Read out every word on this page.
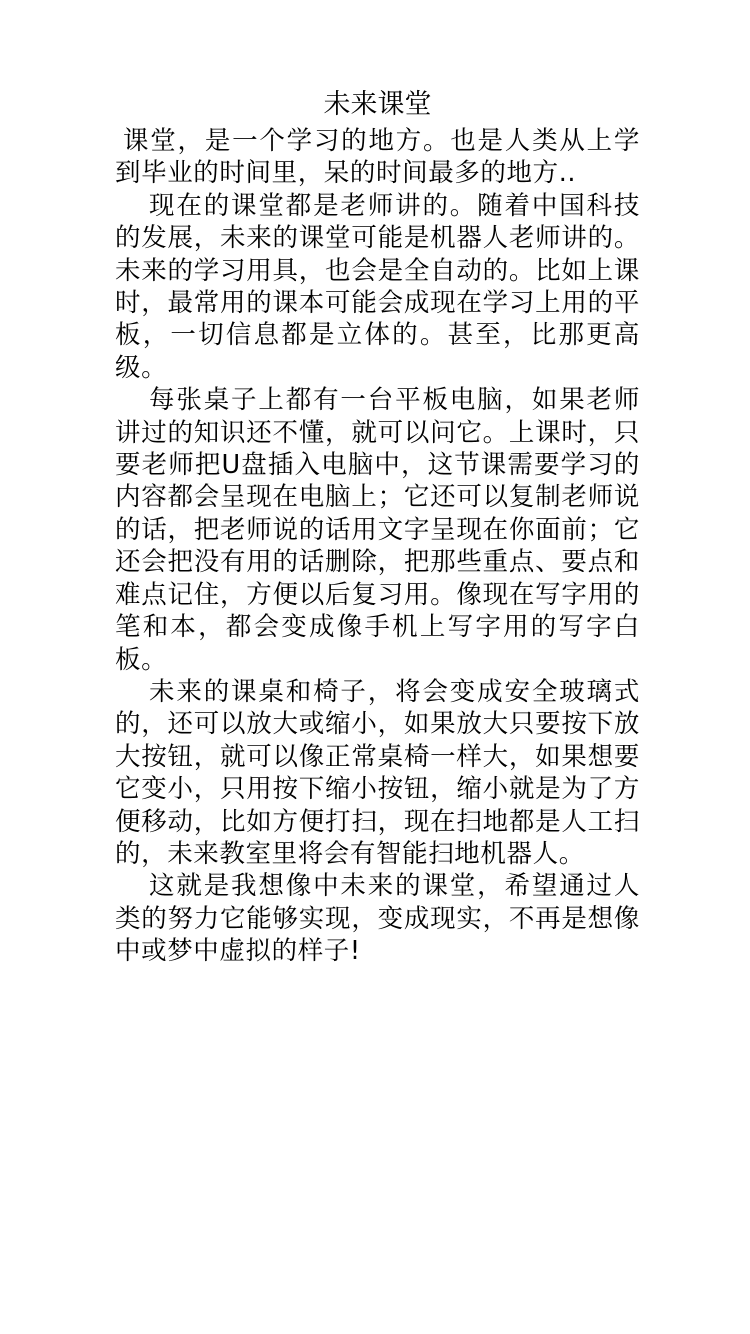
未来课堂

课堂，是一个学习的地方。也是人类从上学到毕业的时间里，呆的时间最多的地方..

现在的课堂都是老师讲的。随着中国科技的发展，未来的课堂可能是机器人老师讲的。未来的学习用具，也会是全自动的。比如上课时，最常用的课本可能会成现在学习上用的平板，一切信息都是立体的。甚至，比那更高级。

每张桌子上都有一台平板电脑，如果老师讲过的知识还不懂，就可以问它。上课时，只要老师把U盘插入电脑中，这节课需要学习的内容都会呈现在电脑上；它还可以复制老师说的话，把老师说的话用文字呈现在你面前；它还会把没有用的话删除，把那些重点、要点和难点记住，方便以后复习用。像现在写字用的笔和本，都会变成像手机上写字用的写字白板。

未来的课桌和椅子，将会变成安全玻璃式的，还可以放大或缩小，如果放大只要按下放大按钮，就可以像正常桌椅一样大，如果想要它变小，只用按下缩小按钮，缩小就是为了方便移动，比如方便打扫，现在扫地都是人工扫的，未来教室里将会有智能扫地机器人。

这就是我想像中未来的课堂，希望通过人类的努力它能够实现，变成现实，不再是想像中或梦中虚拟的样子!
